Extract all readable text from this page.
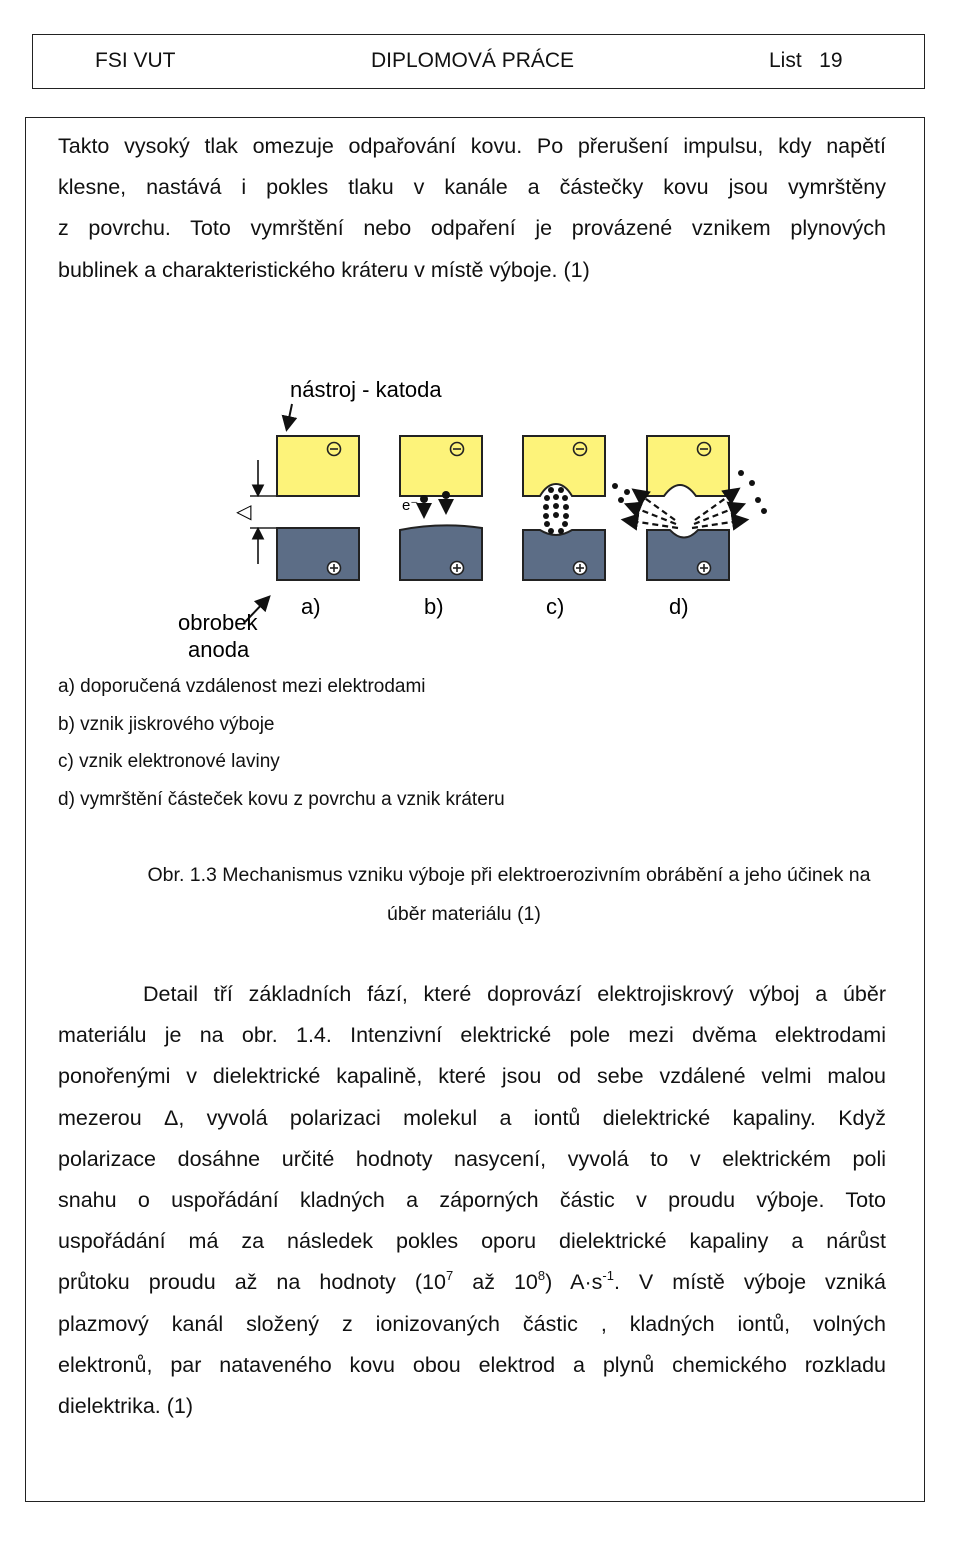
FSI VUT	DIPLOMOVÁ PRÁCE	List   19
Takto vysoký tlak omezuje odpařování kovu. Po přerušení impulsu, kdy napětí
klesne, nastává i pokles tlaku v kanále a částečky kovu jsou vymrštěny
z povrchu. Toto vymrštění nebo odpaření je provázené vznikem plynových
bublinek a charakteristického kráteru v místě výboje. (1)
nástroj - katoda
◁	e⁻
obrobek
anoda
a)	b)	c)	d)
a) doporučená vzdálenost mezi elektrodami
b) vznik jiskrového výboje
c) vznik elektronové laviny
d) vymrštění částeček kovu z povrchu a vznik kráteru
Obr. 1.3 Mechanismus vzniku výboje při elektroerozivním obrábění a jeho účinek na
úběr materiálu (1)
Detail tří základních fází, které doprovází elektrojiskrový výboj a úběr
materiálu je na obr. 1.4. Intenzivní elektrické pole mezi dvěma elektrodami
ponořenými v dielektrické kapalině, které jsou od sebe vzdálené velmi malou
mezerou Δ, vyvolá polarizaci molekul a iontů dielektrické kapaliny. Když
polarizace dosáhne určité hodnoty nasycení, vyvolá to v elektrickém poli
snahu o uspořádání kladných a záporných částic v proudu výboje. Toto
uspořádání má za následek pokles oporu dielektrické kapaliny a nárůst
průtoku proudu až na hodnoty ($10^7$ až $10^8$) $A\cdot s^{-1}$. V místě výboje vzniká
plazmový kanál složený z ionizovaných částic , kladných iontů, volných
elektronů, par nataveného kovu obou elektrod a plynů chemického rozkladu
dielektrika. (1)
